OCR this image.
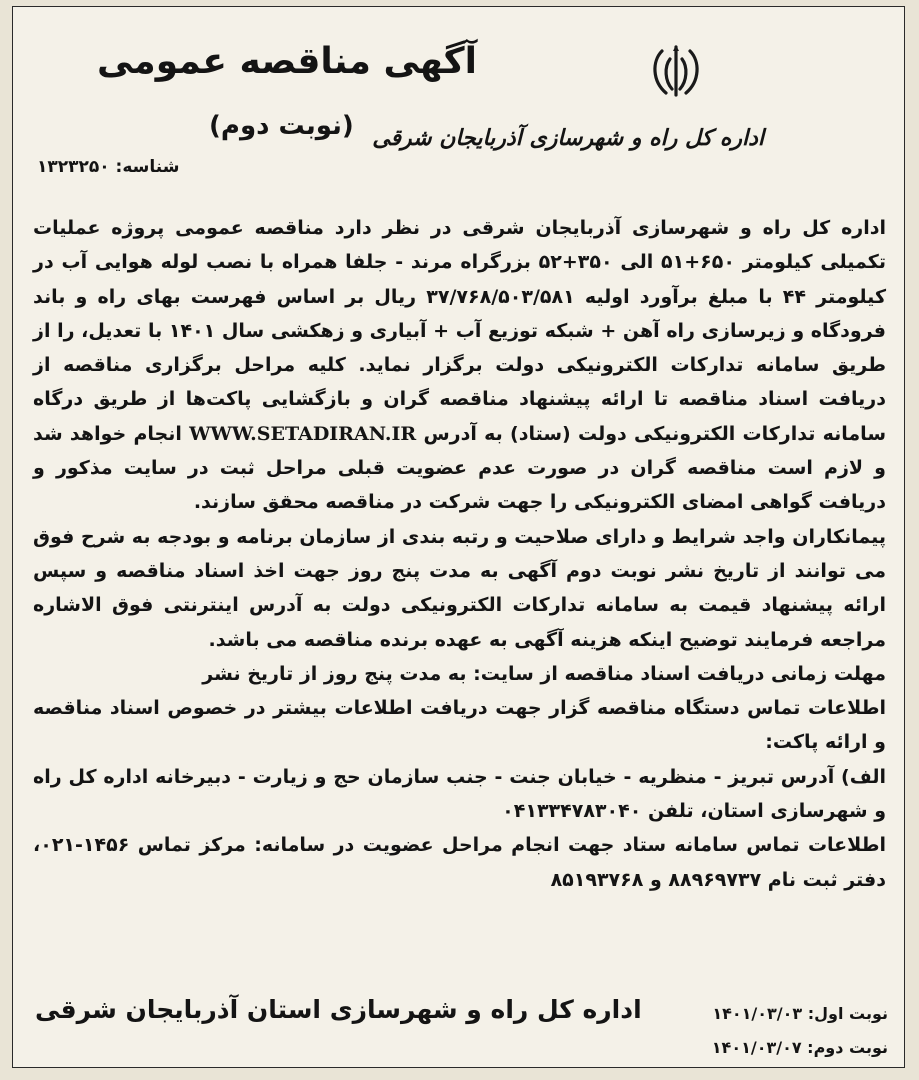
اداره کل راه و شهرسازی آذربایجان شرقی
آگهی مناقصه عمومی
(نوبت دوم)
شناسه: ۱۳۲۳۲۵۰

اداره کل راه و شهرسازی آذربایجان شرقی در نظر دارد مناقصه عمومی پروژه عملیات تکمیلی کیلومتر ۶۵۰+۵۱ الی ۳۵۰+۵۲ بزرگراه مرند - جلفا همراه با نصب لوله هوایی آب در کیلومتر ۴۴ با مبلغ برآورد اولیه ۳۷/۷۶۸/۵۰۳/۵۸۱ ریال بر اساس فهرست بهای راه و باند فرودگاه و زیرسازی راه آهن + شبکه توزیع آب + آبیاری و زهکشی سال ۱۴۰۱ با تعدیل، را از طریق سامانه تدارکات الکترونیکی دولت برگزار نماید. کلیه مراحل برگزاری مناقصه از دریافت اسناد مناقصه تا ارائه پیشنهاد مناقصه گران و بازگشایی پاکت‌ها از طریق درگاه سامانه تدارکات الکترونیکی دولت (ستاد) به آدرس WWW.SETADIRAN.IR انجام خواهد شد و لازم است مناقصه گران در صورت عدم عضویت قبلی مراحل ثبت در سایت مذکور و دریافت گواهی امضای الکترونیکی را جهت شرکت در مناقصه محقق سازند.

پیمانکاران واجد شرایط و دارای صلاحیت و رتبه بندی از سازمان برنامه و بودجه به شرح فوق می توانند از تاریخ نشر نوبت دوم آگهی به مدت پنج روز جهت اخذ اسناد مناقصه و سپس ارائه پیشنهاد قیمت به سامانه تدارکات الکترونیکی دولت به آدرس اینترنتی فوق الاشاره مراجعه فرمایند توضیح اینکه هزینه آگهی به عهده برنده مناقصه می باشد.

مهلت زمانی دریافت اسناد مناقصه از سایت: به مدت پنج روز از تاریخ نشر

اطلاعات تماس دستگاه مناقصه گزار جهت دریافت اطلاعات بیشتر در خصوص اسناد مناقصه و ارائه پاکت:

الف) آدرس تبریز - منظریه - خیابان جنت - جنب سازمان حج و زیارت - دبیرخانه اداره کل راه و شهرسازی استان، تلفن ۰۴۱۳۳۴۷۸۳۰۴۰

اطلاعات تماس سامانه ستاد جهت انجام مراحل عضویت در سامانه: مرکز تماس ۱۴۵۶-۰۲۱، دفتر ثبت نام ۸۸۹۶۹۷۳۷ و ۸۵۱۹۳۷۶۸

نوبت اول: ۱۴۰۱/۰۳/۰۳
نوبت دوم: ۱۴۰۱/۰۳/۰۷
اداره کل راه و شهرسازی استان آذربایجان شرقی
